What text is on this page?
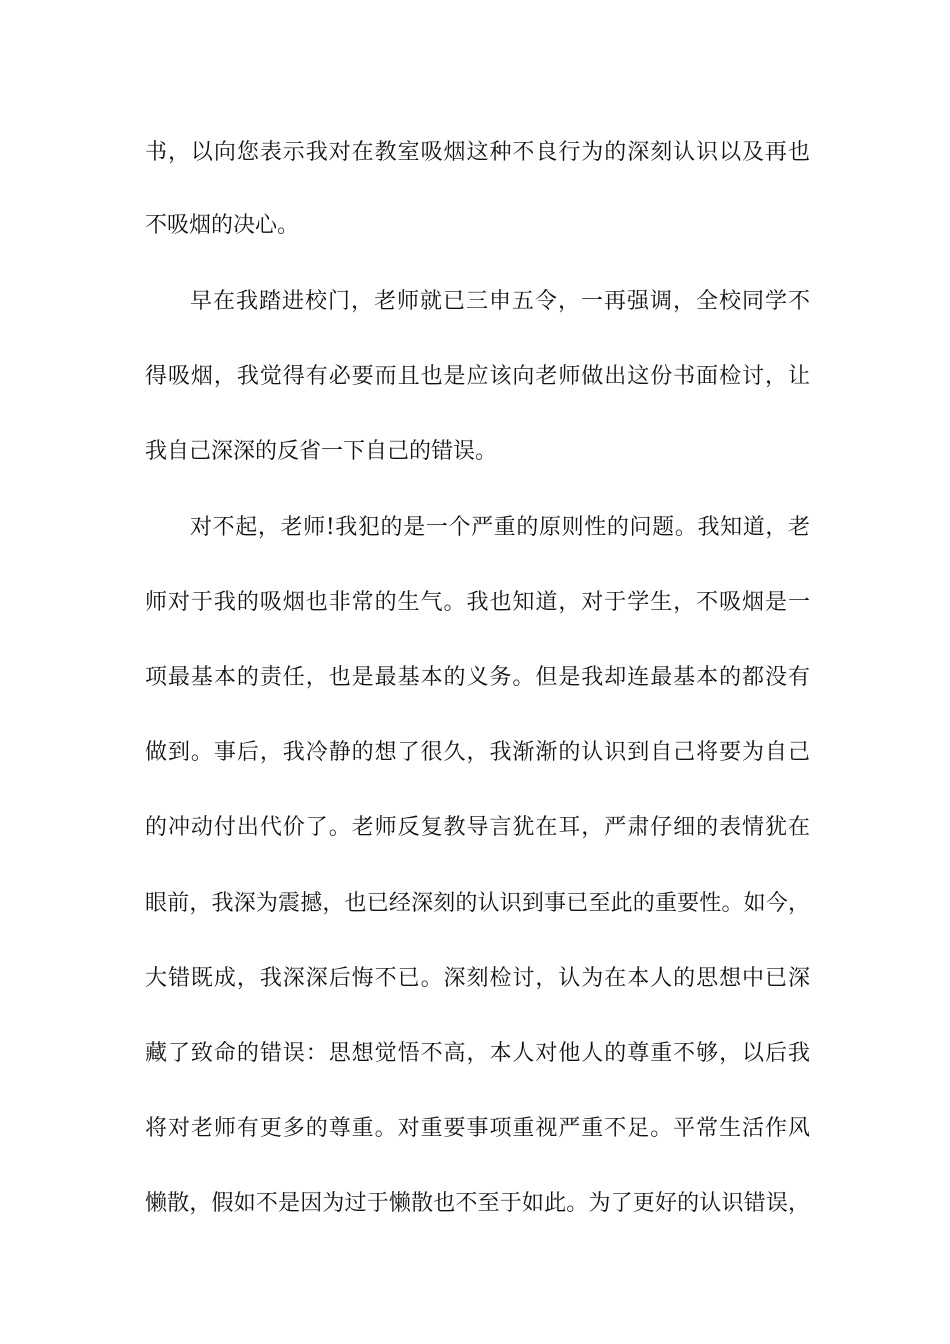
书，以向您表示我对在教室吸烟这种不良行为的深刻认识以及再也
不吸烟的决心。
早在我踏进校门，老师就已三申五令，一再强调，全校同学不
得吸烟，我觉得有必要而且也是应该向老师做出这份书面检讨，让
我自己深深的反省一下自己的错误。
对不起，老师!我犯的是一个严重的原则性的问题。我知道，老
师对于我的吸烟也非常的生气。我也知道，对于学生，不吸烟是一
项最基本的责任，也是最基本的义务。但是我却连最基本的都没有
做到。事后，我冷静的想了很久，我渐渐的认识到自己将要为自己
的冲动付出代价了。老师反复教导言犹在耳，严肃仔细的表情犹在
眼前，我深为震撼，也已经深刻的认识到事已至此的重要性。如今，
大错既成，我深深后悔不已。深刻检讨，认为在本人的思想中已深
藏了致命的错误：思想觉悟不高，本人对他人的尊重不够，以后我
将对老师有更多的尊重。对重要事项重视严重不足。平常生活作风
懒散，假如不是因为过于懒散也不至于如此。为了更好的认识错误，
